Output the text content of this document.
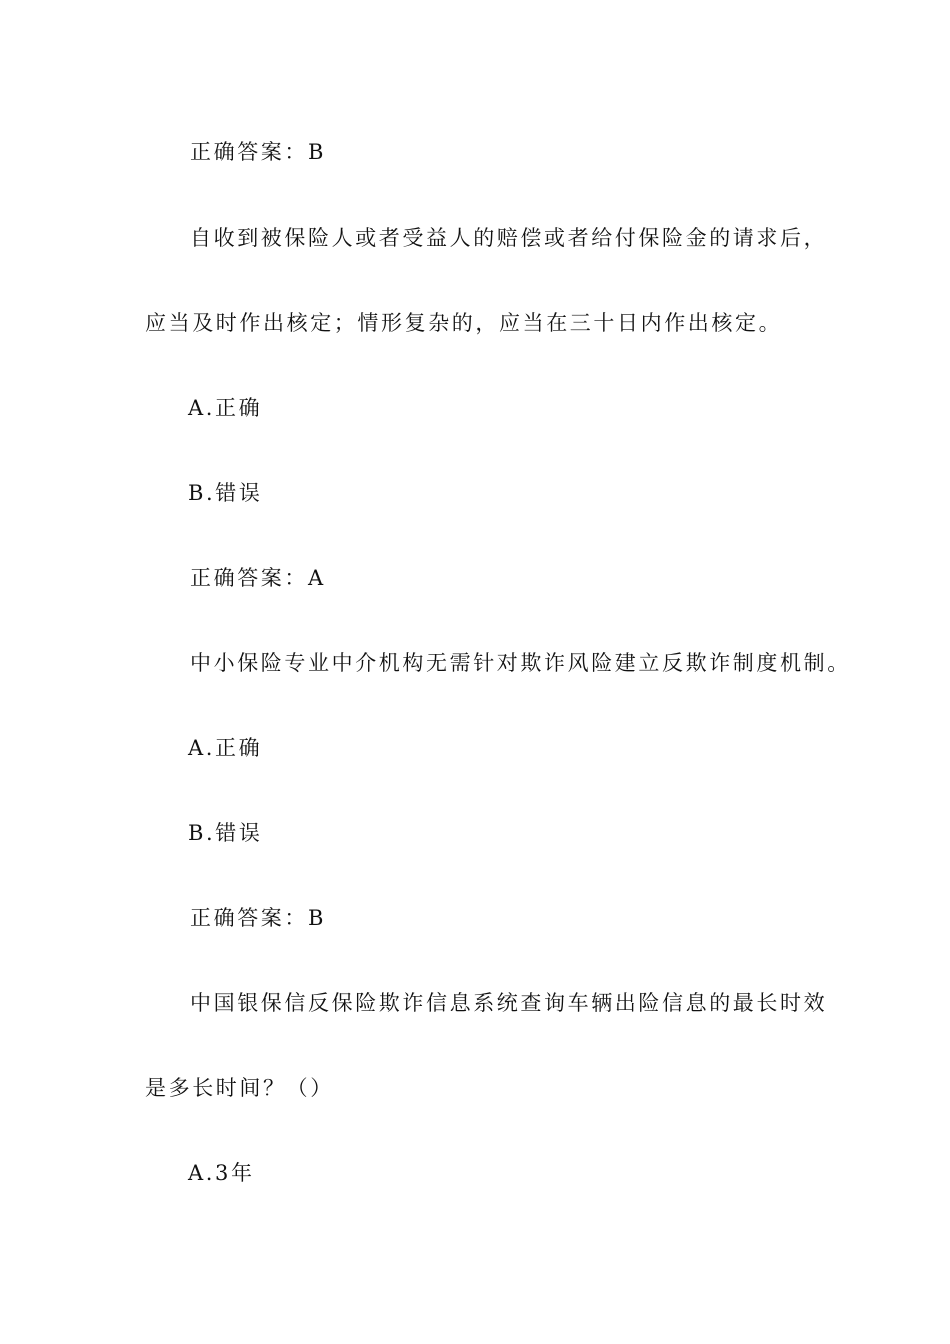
正确答案：B
自收到被保险人或者受益人的赔偿或者给付保险金的请求后，
应当及时作出核定；情形复杂的，应当在三十日内作出核定。
A.正确
B.错误
正确答案：A
中小保险专业中介机构无需针对欺诈风险建立反欺诈制度机制。
A.正确
B.错误
正确答案：B
中国银保信反保险欺诈信息系统查询车辆出险信息的最长时效
是多长时间？（）
A.3年
